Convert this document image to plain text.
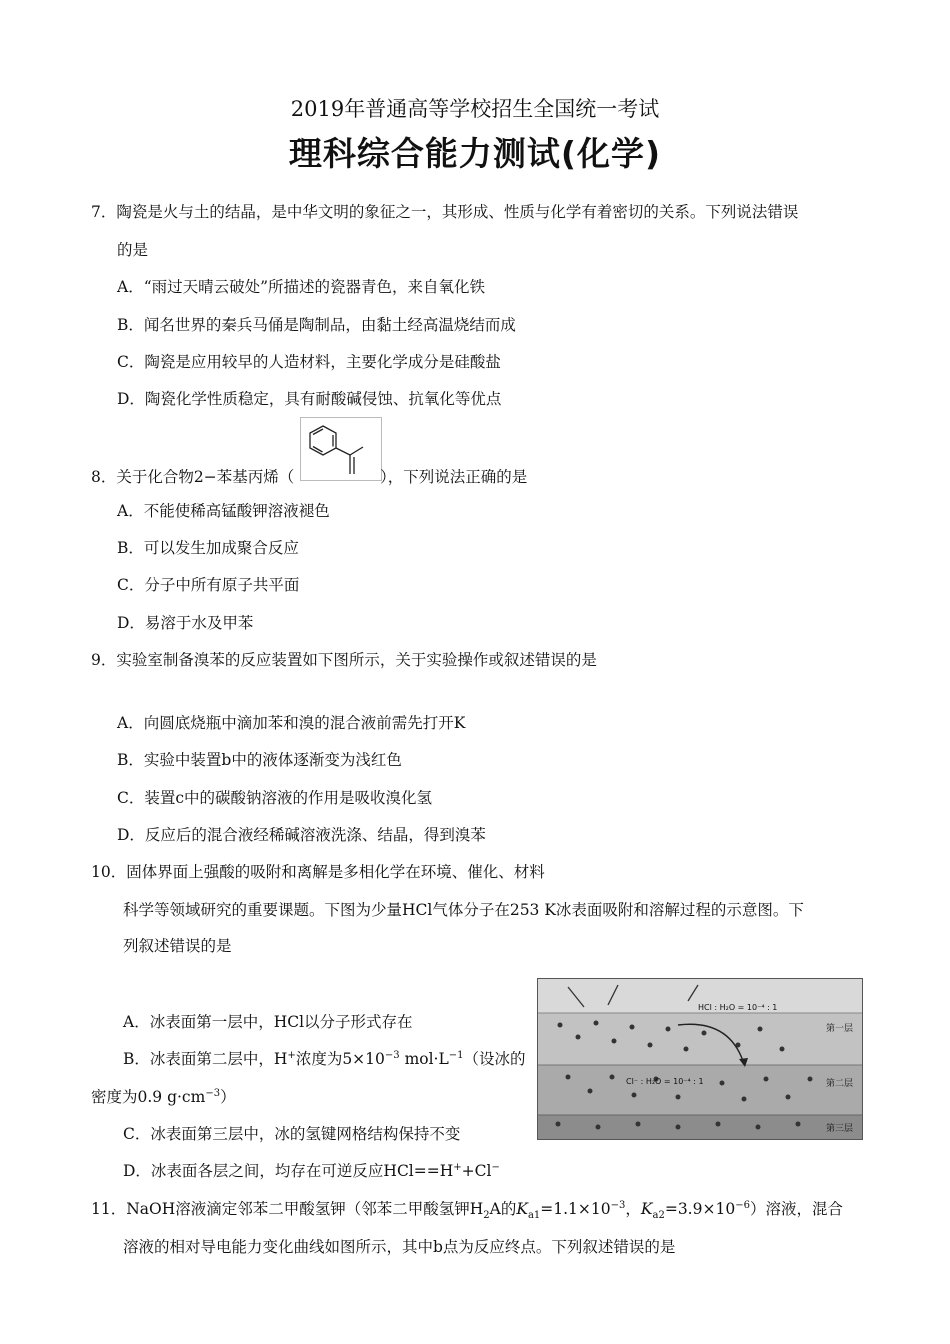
2019年普通高等学校招生全国统一考试
理科综合能力测试(化学)
7．陶瓷是火与土的结晶，是中华文明的象征之一，其形成、性质与化学有着密切的关系。下列说法错误
的是
A．“雨过天晴云破处”所描述的瓷器青色，来自氧化铁
B．闻名世界的秦兵马俑是陶制品，由黏土经高温烧结而成
C．陶瓷是应用较早的人造材料，主要化学成分是硅酸盐
D．陶瓷化学性质稳定，具有耐酸碱侵蚀、抗氧化等优点
8．关于化合物2−苯基丙烯（	），下列说法正确的是
A．不能使稀高锰酸钾溶液褪色
B．可以发生加成聚合反应
C．分子中所有原子共平面
D．易溶于水及甲苯
9．实验室制备溴苯的反应装置如下图所示，关于实验操作或叙述错误的是
A．向圆底烧瓶中滴加苯和溴的混合液前需先打开K
B．实验中装置b中的液体逐渐变为浅红色
C．装置c中的碳酸钠溶液的作用是吸收溴化氢
D．反应后的混合液经稀碱溶液洗涤、结晶，得到溴苯
10．固体界面上强酸的吸附和离解是多相化学在环境、催化、材料
科学等领域研究的重要课题。下图为少量HCl气体分子在253 K冰表面吸附和溶解过程的示意图。下
列叙述错误的是
A．冰表面第一层中，HCl以分子形式存在
B．冰表面第二层中，H+浓度为$5\times 10^{-3}$ $mol\cdot L^{-1}$（设冰的
密度为0.9 $g\cdot cm^{-3}$）
C．冰表面第三层中，冰的氢键网格结构保持不变
D．冰表面各层之间，均存在可逆反应HCl==H++Cl−
HCl : H₂O = 10⁻⁴ : 1
Cl⁻ : H₂O = 10⁻⁴ : 1
第一层
第二层
第三层
11．NaOH溶液滴定邻苯二甲酸氢钾（邻苯二甲酸氢钾$H_2A$的$K_{a1}=1.1\times 10^{-3}$，$K_{a2}=3.9\times 10^{-6}$）溶液，混合
溶液的相对导电能力变化曲线如图所示，其中b点为反应终点。下列叙述错误的是
